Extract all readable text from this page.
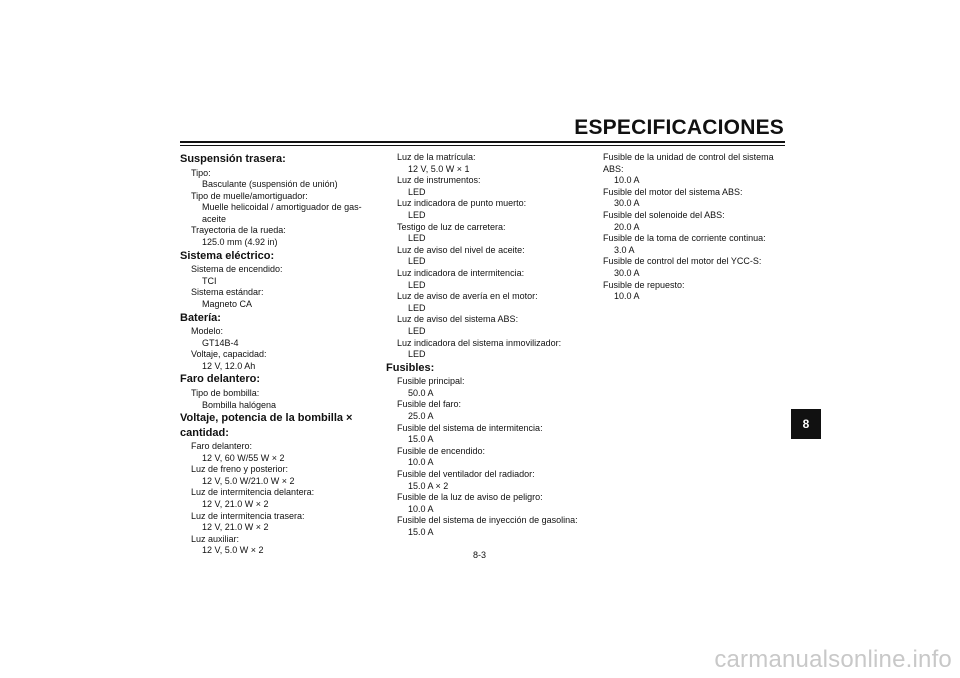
ESPECIFICACIONES
Suspensión trasera:
Tipo:
Basculante (suspensión de unión)
Tipo de muelle/amortiguador:
Muelle helicoidal / amortiguador de gas-
aceite
Trayectoria de la rueda:
125.0 mm (4.92 in)
Sistema eléctrico:
Sistema de encendido:
TCI
Sistema estándar:
Magneto CA
Batería:
Modelo:
GT14B-4
Voltaje, capacidad:
12 V, 12.0 Ah
Faro delantero:
Tipo de bombilla:
Bombilla halógena
Voltaje, potencia de la bombilla ×
cantidad:
Faro delantero:
12 V, 60 W/55 W × 2
Luz de freno y posterior:
12 V, 5.0 W/21.0 W × 2
Luz de intermitencia delantera:
12 V, 21.0 W × 2
Luz de intermitencia trasera:
12 V, 21.0 W × 2
Luz auxiliar:
12 V, 5.0 W × 2
Luz de la matrícula:
12 V, 5.0 W × 1
Luz de instrumentos:
LED
Luz indicadora de punto muerto:
LED
Testigo de luz de carretera:
LED
Luz de aviso del nivel de aceite:
LED
Luz indicadora de intermitencia:
LED
Luz de aviso de avería en el motor:
LED
Luz de aviso del sistema ABS:
LED
Luz indicadora del sistema inmovilizador:
LED
Fusibles:
Fusible principal:
50.0 A
Fusible del faro:
25.0 A
Fusible del sistema de intermitencia:
15.0 A
Fusible de encendido:
10.0 A
Fusible del ventilador del radiador:
15.0 A × 2
Fusible de la luz de aviso de peligro:
10.0 A
Fusible del sistema de inyección de gasolina:
15.0 A
Fusible de la unidad de control del sistema
ABS:
10.0 A
Fusible del motor del sistema ABS:
30.0 A
Fusible del solenoide del ABS:
20.0 A
Fusible de la toma de corriente continua:
3.0 A
Fusible de control del motor del YCC-S:
30.0 A
Fusible de repuesto:
10.0 A
8
8-3
carmanualsonline.info
